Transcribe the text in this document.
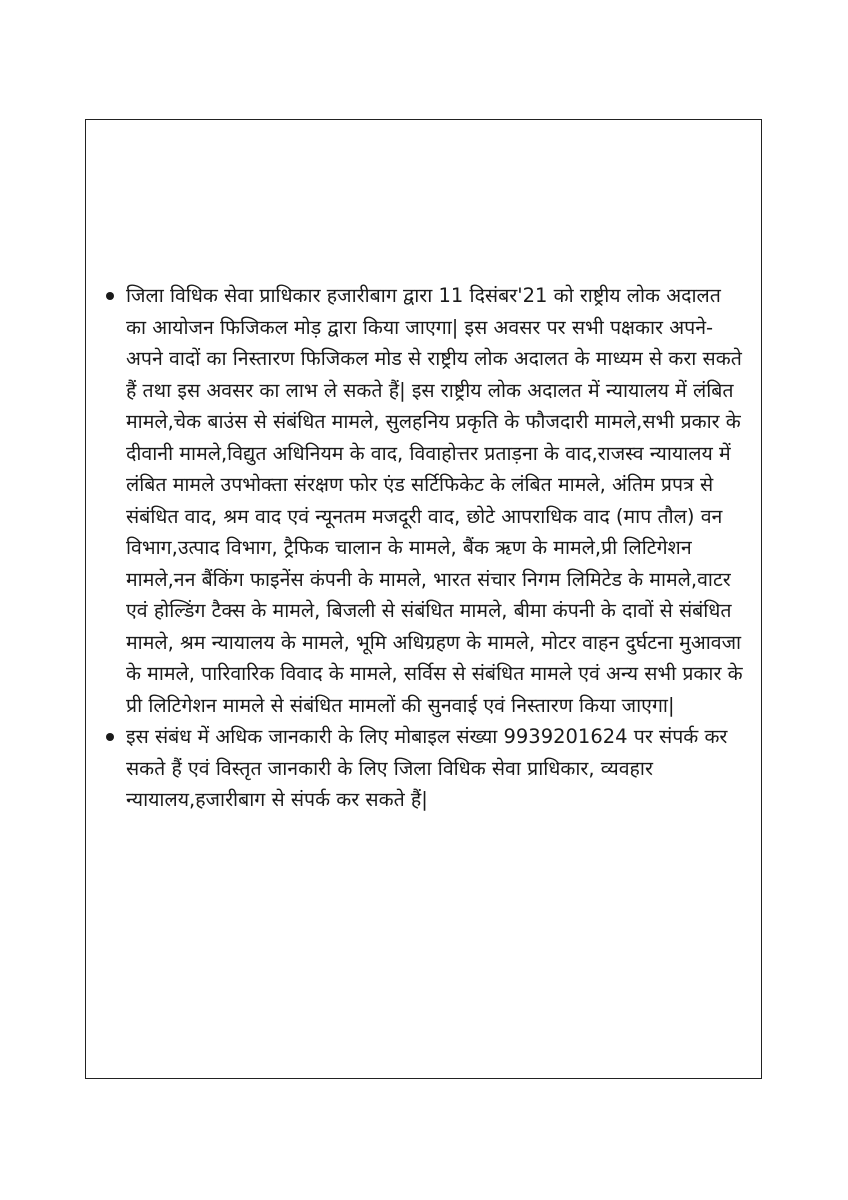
जिला विधिक सेवा प्राधिकार हजारीबाग द्वारा 11 दिसंबर'21 को राष्ट्रीय लोक अदालत का आयोजन फिजिकल मोड़ द्वारा किया जाएगा| इस अवसर पर सभी पक्षकार अपने-अपने वादों का निस्तारण फिजिकल मोड से राष्ट्रीय लोक अदालत के माध्यम से करा सकते हैं तथा इस अवसर का लाभ ले सकते हैं| इस राष्ट्रीय लोक अदालत में न्यायालय में लंबित मामले,चेक बाउंस से संबंधित मामले, सुलहनिय प्रकृति के फौजदारी मामले,सभी प्रकार के दीवानी मामले,विद्युत अधिनियम के वाद, विवाहोत्तर प्रताड़ना के वाद,राजस्व न्यायालय में लंबित मामले उपभोक्ता संरक्षण फोर एंड सर्टिफिकेट के लंबित मामले, अंतिम प्रपत्र से संबंधित वाद, श्रम वाद एवं न्यूनतम मजदूरी वाद, छोटे आपराधिक वाद (माप तौल) वन विभाग,उत्पाद विभाग, ट्रैफिक चालान के मामले, बैंक ऋण के मामले,प्री लिटिगेशन मामले,नन बैंकिंग फाइनेंस कंपनी के मामले, भारत संचार निगम लिमिटेड के मामले,वाटर एवं होल्डिंग टैक्स के मामले, बिजली से संबंधित मामले, बीमा कंपनी के दावों से संबंधित मामले, श्रम न्यायालय के मामले, भूमि अधिग्रहण के मामले, मोटर वाहन दुर्घटना मुआवजा के मामले, पारिवारिक विवाद के मामले, सर्विस से संबंधित मामले एवं अन्य सभी प्रकार के प्री लिटिगेशन मामले से संबंधित मामलों की सुनवाई एवं निस्तारण किया जाएगा|
इस संबंध में अधिक जानकारी के लिए मोबाइल संख्या 9939201624 पर संपर्क कर सकते हैं एवं विस्तृत जानकारी के लिए जिला विधिक सेवा प्राधिकार, व्यवहार न्यायालय,हजारीबाग से संपर्क कर सकते हैं|
